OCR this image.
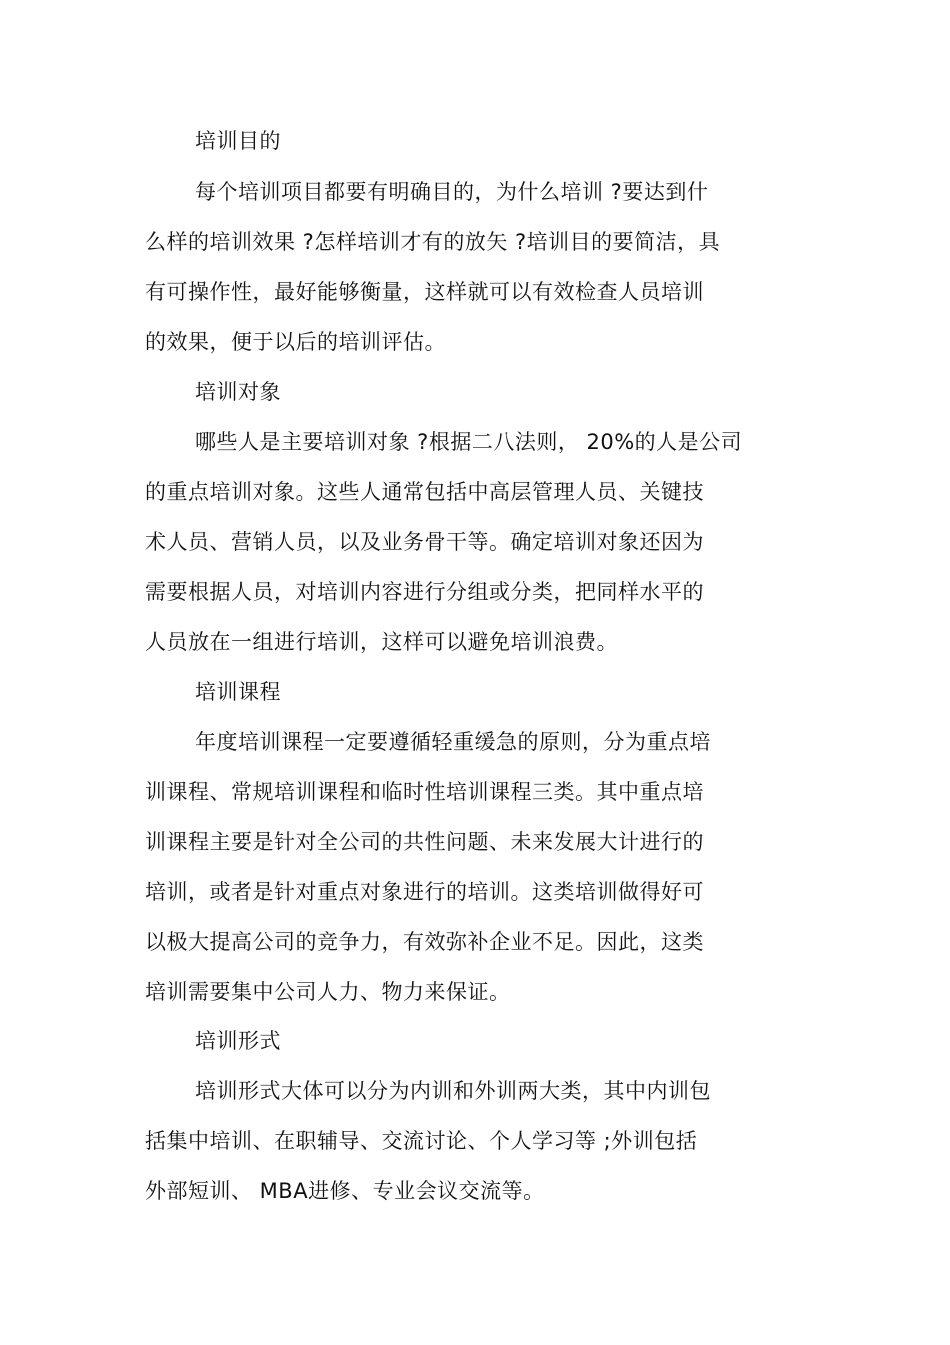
培训目的
每个培训项目都要有明确目的，为什么培训 ?要达到什
么样的培训效果 ?怎样培训才有的放矢 ?培训目的要简洁，具
有可操作性，最好能够衡量，这样就可以有效检查人员培训
的效果，便于以后的培训评估。
培训对象
哪些人是主要培训对象 ?根据二八法则， 20%的人是公司
的重点培训对象。这些人通常包括中高层管理人员、关键技
术人员、营销人员，以及业务骨干等。确定培训对象还因为
需要根据人员，对培训内容进行分组或分类，把同样水平的
人员放在一组进行培训，这样可以避免培训浪费。
培训课程
年度培训课程一定要遵循轻重缓急的原则，分为重点培
训课程、常规培训课程和临时性培训课程三类。其中重点培
训课程主要是针对全公司的共性问题、未来发展大计进行的
培训，或者是针对重点对象进行的培训。这类培训做得好可
以极大提高公司的竞争力，有效弥补企业不足。因此，这类
培训需要集中公司人力、物力来保证。
培训形式
培训形式大体可以分为内训和外训两大类，其中内训包
括集中培训、在职辅导、交流讨论、个人学习等 ;外训包括
外部短训、 MBA进修、专业会议交流等。
